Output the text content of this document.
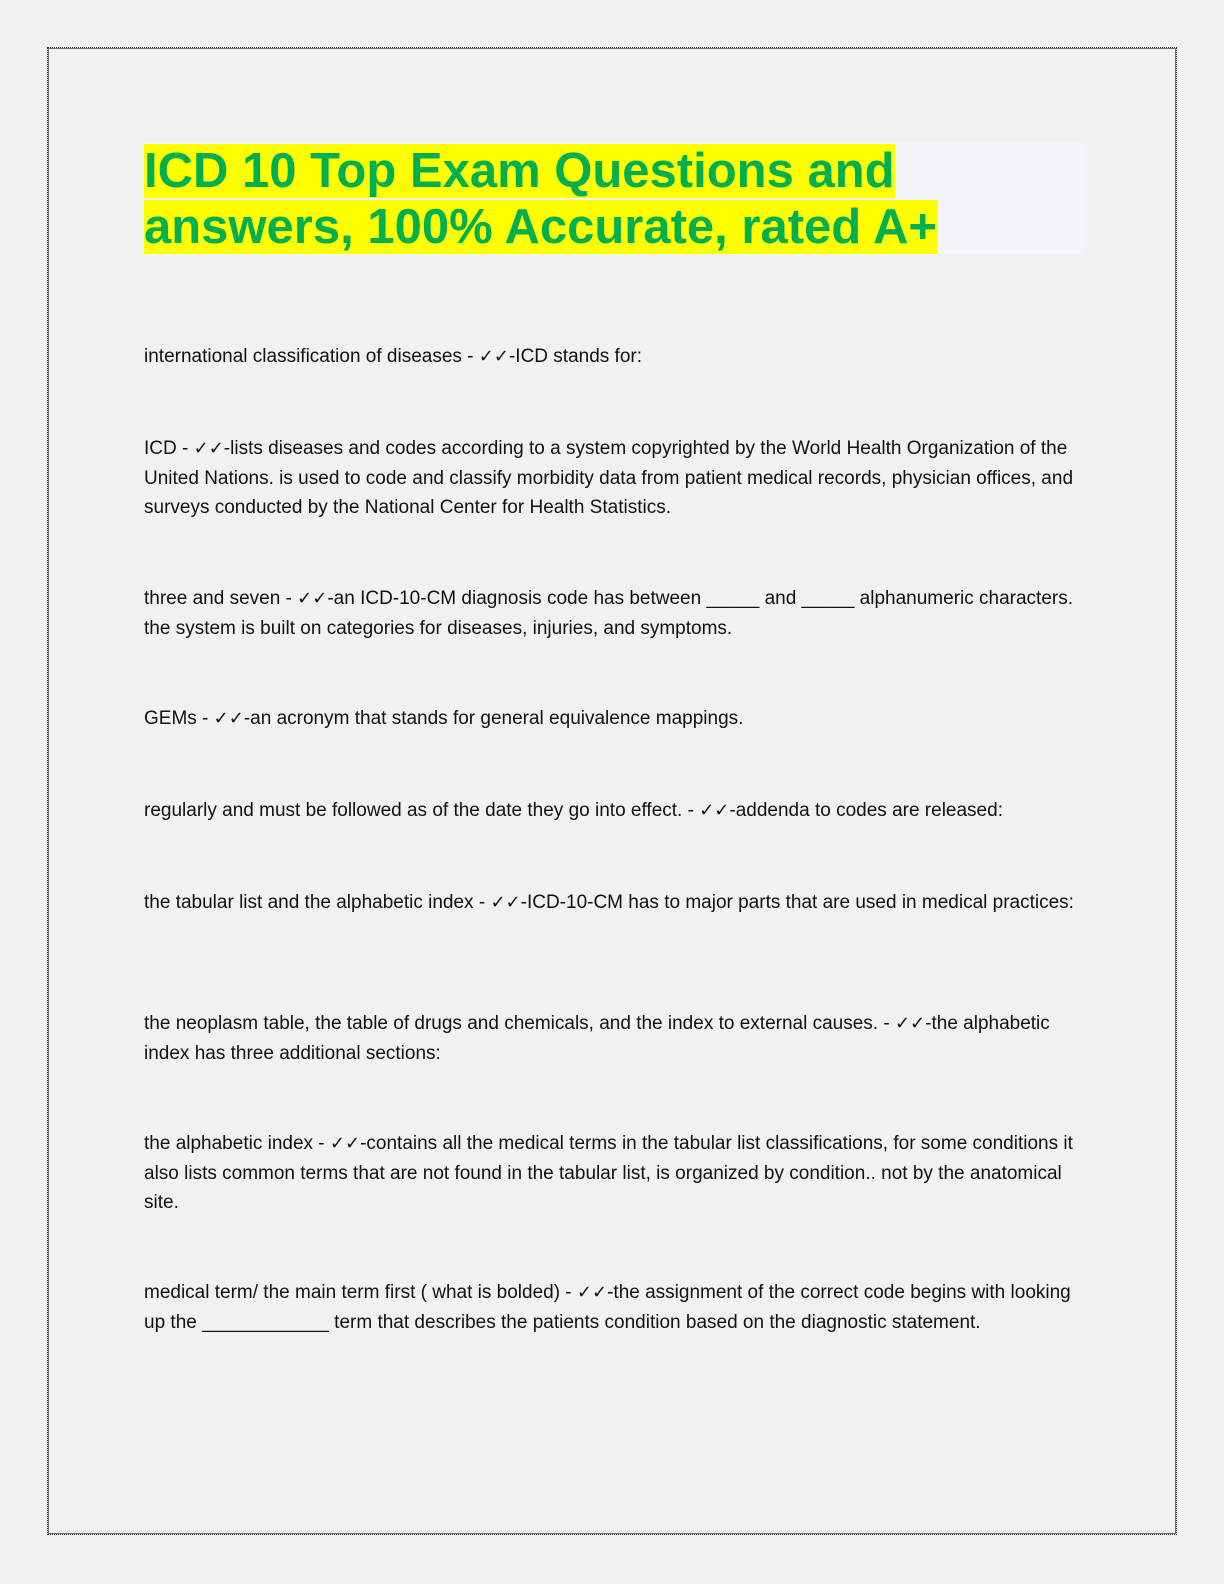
ICD 10 Top Exam Questions and
answers, 100% Accurate, rated A+

international classification of diseases - ✓✓-ICD stands for:

ICD - ✓✓-lists diseases and codes according to a system copyrighted by the World Health Organization of the United Nations. is used to code and classify morbidity data from patient medical records, physician offices, and surveys conducted by the National Center for Health Statistics.

three and seven - ✓✓-an ICD-10-CM diagnosis code has between _____ and _____ alphanumeric characters. the system is built on categories for diseases, injuries, and symptoms.

GEMs - ✓✓-an acronym that stands for general equivalence mappings.

regularly and must be followed as of the date they go into effect. - ✓✓-addenda to codes are released:

the tabular list and the alphabetic index - ✓✓-ICD-10-CM has to major parts that are used in medical practices:

the neoplasm table, the table of drugs and chemicals, and the index to external causes. - ✓✓-the alphabetic index has three additional sections:

the alphabetic index - ✓✓-contains all the medical terms in the tabular list classifications, for some conditions it also lists common terms that are not found in the tabular list, is organized by condition.. not by the anatomical site.

medical term/ the main term first ( what is bolded) - ✓✓-the assignment of the correct code begins with looking up the ____________ term that describes the patients condition based on the diagnostic statement.
